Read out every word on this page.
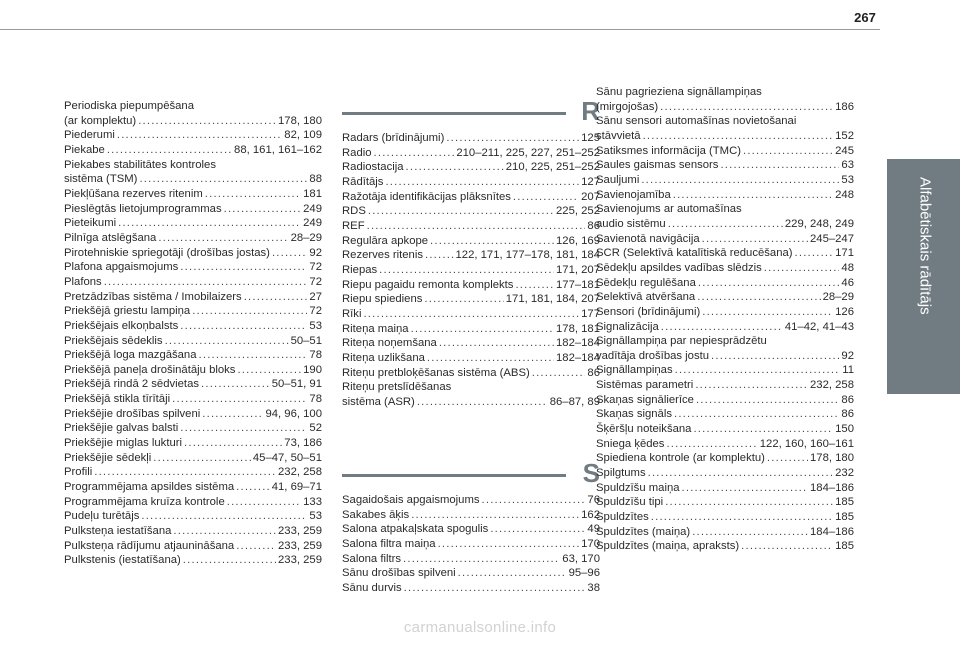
267
Alfabētiskais rādītājs
Periodiska piepumpēšana
(ar komplektu) .....	178, 180
Piederumi .....	82, 109
Piekabe .....	88, 161, 161–162
Piekabes stabilitātes kontroles
sistēma (TSM) .....	88
Piekļūšana rezerves ritenim .....	181
Pieslēgtās lietojumprogrammas .....	249
Pieteikumi .....	249
Pilnīga atslēgšana .....	28–29
Pirotehniskie spriegotāji (drošības jostas) .....	92
Plafona apgaismojums .....	72
Plafons .....	72
Pretzādzības sistēma / Imobilaizers .....	27
Priekšējā griestu lampiņa .....	72
Priekšējais elkoņbalsts .....	53
Priekšējais sēdeklis .....	50–51
Priekšējā loga mazgāšana .....	78
Priekšējā paneļa drošinātāju bloks .....	190
Priekšējā rindā 2 sēdvietas .....	50–51, 91
Priekšējā stikla tīrītāji .....	78
Priekšējie drošības spilveni .....	94, 96, 100
Priekšējie galvas balsti .....	52
Priekšējie miglas lukturi .....	73, 186
Priekšējie sēdekļi .....	45–47, 50–51
Profili .....	232, 258
Programmējama apsildes sistēma .....	41, 69–71
Programmējama kruīza kontrole .....	133
Pudeļu turētājs .....	53
Pulksteņa iestatīšana .....	233, 259
Pulksteņa rādījumu atjaunināšana .....	233, 259
Pulkstenis (iestatīšana) .....	233, 259
R
Radars (brīdinājumi) .....	125
Radio .....	210–211, 225, 227, 251–252
Radiostacija .....	210, 225, 251–252
Rādītājs .....	127
Ražotāja identifikācijas plāksnītes .....	207
RDS .....	225, 252
REF .....	86
Regulāra apkope .....	126, 169
Rezerves ritenis .....	122, 171, 177–178, 181, 184
Riepas .....	171, 207
Riepu pagaidu remonta komplekts .....	177–181
Riepu spiediens .....	171, 181, 184, 207
Rīki .....	177
Riteņa maiņa .....	178, 181
Riteņa noņemšana .....	182–184
Riteņa uzlikšana .....	182–184
Riteņu pretbloķēšanas sistēma (ABS) .....	86
Riteņu pretslīdēšanas
sistēma (ASR) .....	86–87, 89
S
Sagaidošais apgaismojums .....	76
Sakabes āķis .....	162
Salona atpakaļskata spogulis .....	49
Salona filtra maiņa .....	170
Salona filtrs .....	63, 170
Sānu drošības spilveni .....	95–96
Sānu durvis .....	38
Sānu pagrieziena signāllampiņas
(mirgojošas) .....	186
Sānu sensori automašīnas novietošanai
stāvvietā .....	152
Satiksmes informācija (TMC) .....	245
Saules gaismas sensors .....	63
Sauljumi .....	53
Savienojamība .....	248
Savienojums ar automašīnas
audio sistēmu .....	229, 248, 249
Savienotā navigācija .....	245–247
SCR (Selektīvā katalītiskā reducēšana) .....	171
Sēdekļu apsildes vadības slēdzis .....	48
Sēdekļu regulēšana .....	46
Selektīvā atvēršana .....	28–29
Sensori (brīdinājumi) .....	126
Signalizācija .....	41–42, 41–43
Signāllampiņa par nepiesprādzētu
vadītāja drošības jostu .....	92
Signāllampiņas .....	11
Sistēmas parametri .....	232, 258
Skaņas signālierīce .....	86
Skaņas signāls .....	86
Šķēršļu noteikšana .....	150
Sniega ķēdes .....	122, 160, 160–161
Spiediena kontrole (ar komplektu) .....	178, 180
Spilgtums .....	232
Spuldzīšu maiņa .....	184–186
Spuldzīšu tipi .....	185
Spuldzītes .....	185
Spuldzītes (maiņa) .....	184–186
Spuldzītes (maiņa, apraksts) .....	185
carmanualsonline.info
